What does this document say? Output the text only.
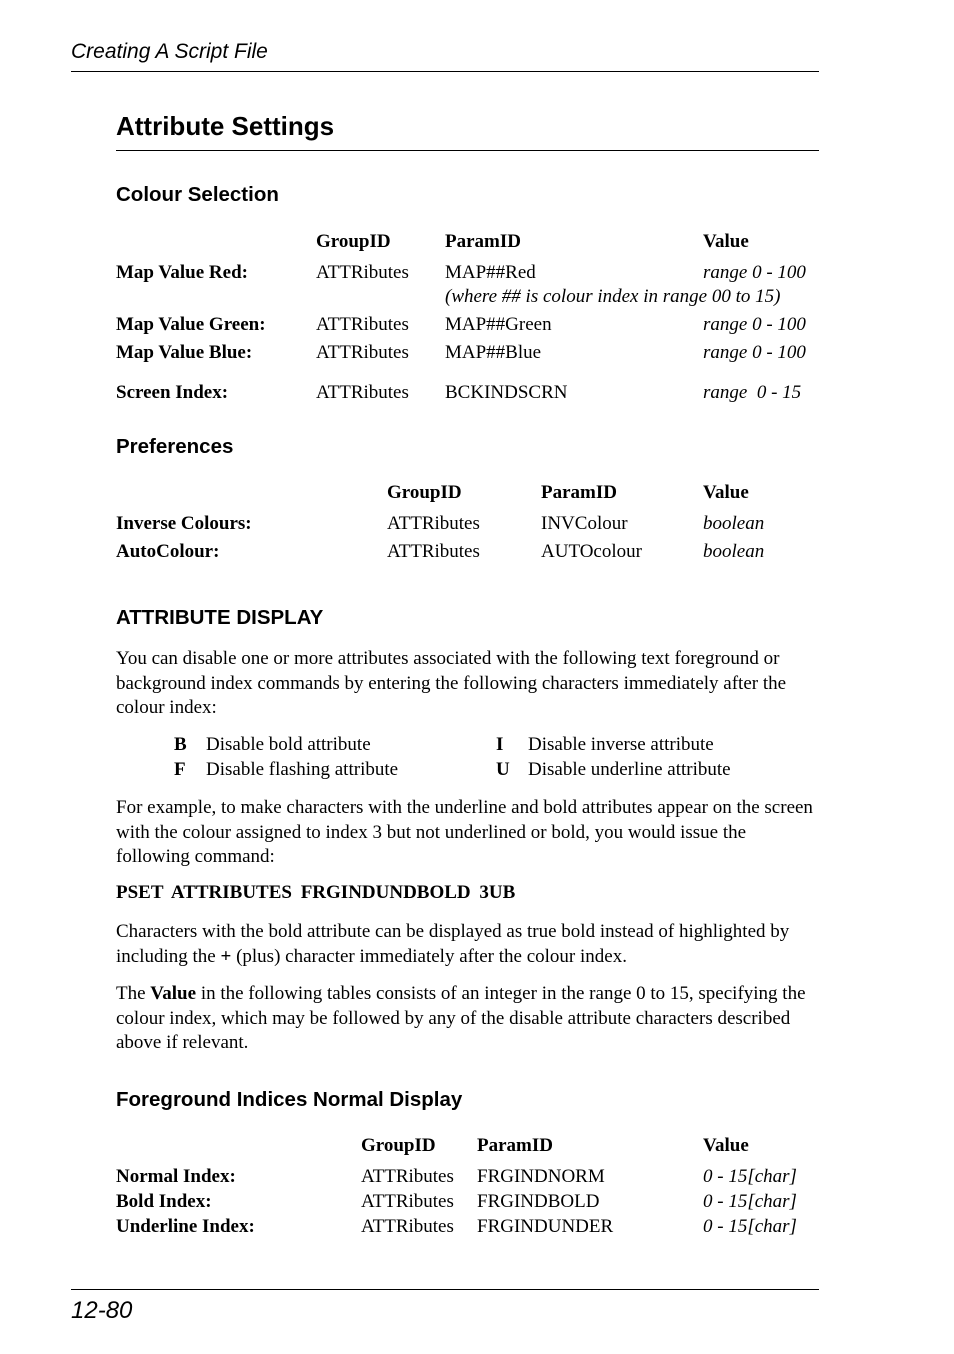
Creating A Script File
Attribute Settings
Colour Selection
GroupID	ParamID	Value
Map Value Red:	ATTRibutes MAP##Red	range 0 - 100
(where ## is colour index in range 00 to 15)
Map Value Green:	ATTRibutes MAP##Green	range 0 - 100
Map Value Blue:	ATTRibutes MAP##Blue	range 0 - 100
Screen Index:	ATTRibutes BCKINDSCRN	range  0 - 15
Preferences
GroupID	ParamID	Value
Inverse Colours:	ATTRibutes	INVColour	boolean
AutoColour:	ATTRibutes	AUTOcolour	boolean
ATTRIBUTE DISPLAY
You can disable one or more attributes associated with the following text foreground or background index commands by entering the following characters immediately after the colour index:
B Disable bold attribute
F Disable flashing attribute
I Disable inverse attribute
U Disable underline attribute
For example, to make characters with the underline and bold attributes appear on the screen with the colour assigned to index 3 but not underlined or bold, you would issue the following command:
PSET ATTRIBUTES FRGINDUNDBOLD 3UB
Characters with the bold attribute can be displayed as true bold instead of highlighted by including the + (plus) character immediately after the colour index.
The Value in the following tables consists of an integer in the range 0 to 15, specifying the colour index, which may be followed by any of the disable attribute characters described above if relevant.
Foreground Indices Normal Display
GroupID ParamID	Value
Normal Index:	ATTRibutes FRGINDNORM	0 - 15[char]
Bold Index:	ATTRibutes FRGINDBOLD	0 - 15[char]
Underline Index:	ATTRibutes FRGINDUNDER	0 - 15[char]
12-80
